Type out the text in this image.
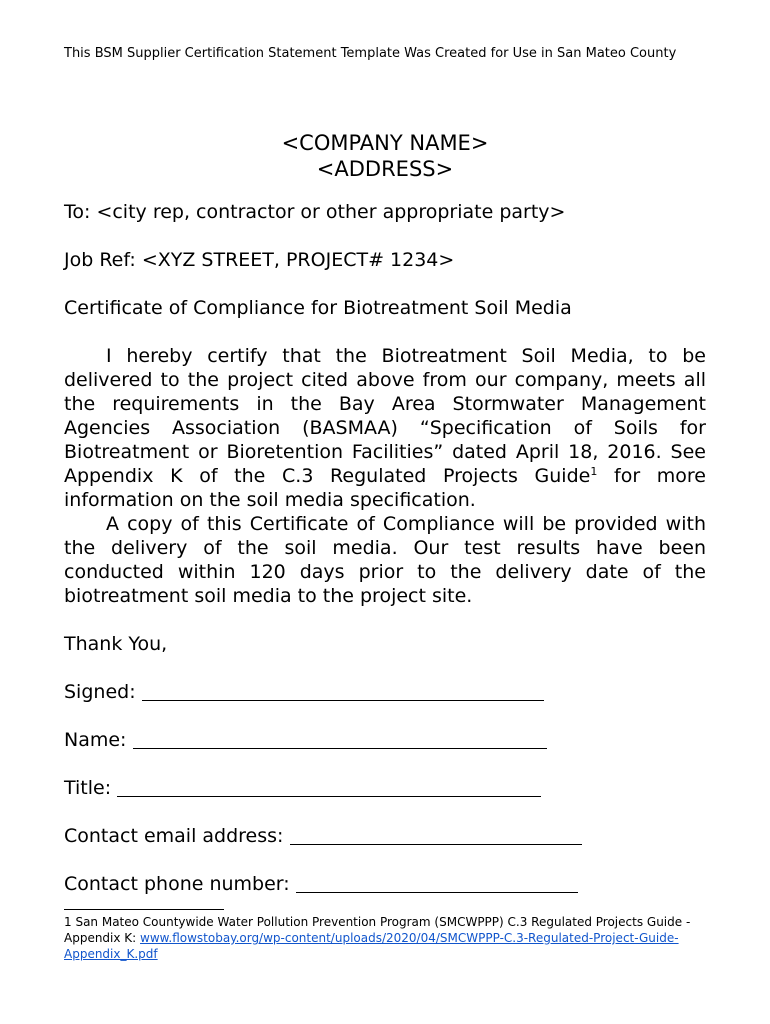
This BSM Supplier Certification Statement Template Was Created for Use in San Mateo County
<COMPANY NAME>
<ADDRESS>
To: <city rep, contractor or other appropriate party>
Job Ref: <XYZ STREET, PROJECT# 1234>
Certificate of Compliance for Biotreatment Soil Media

I hereby certify that the Biotreatment Soil Media, to be delivered to the project cited above from our company, meets all the requirements in the Bay Area Stormwater Management Agencies Association (BASMAA) “Specification of Soils for Biotreatment or Bioretention Facilities” dated April 18, 2016. See Appendix K of the C.3 Regulated Projects Guide$^1$ for more information on the soil media specification.

A copy of this Certificate of Compliance will be provided with the delivery of the soil media. Our test results have been conducted within 120 days prior to the delivery date of the biotreatment soil media to the project site.

Thank You,
Signed:
Name:
Title:
Contact email address:
Contact phone number:
1 San Mateo Countywide Water Pollution Prevention Program (SMCWPPP) C.3 Regulated Projects Guide - Appendix K: www.flowstobay.org/wp-content/uploads/2020/04/SMCWPPP-C.3-Regulated-Project-Guide-Appendix_K.pdf
